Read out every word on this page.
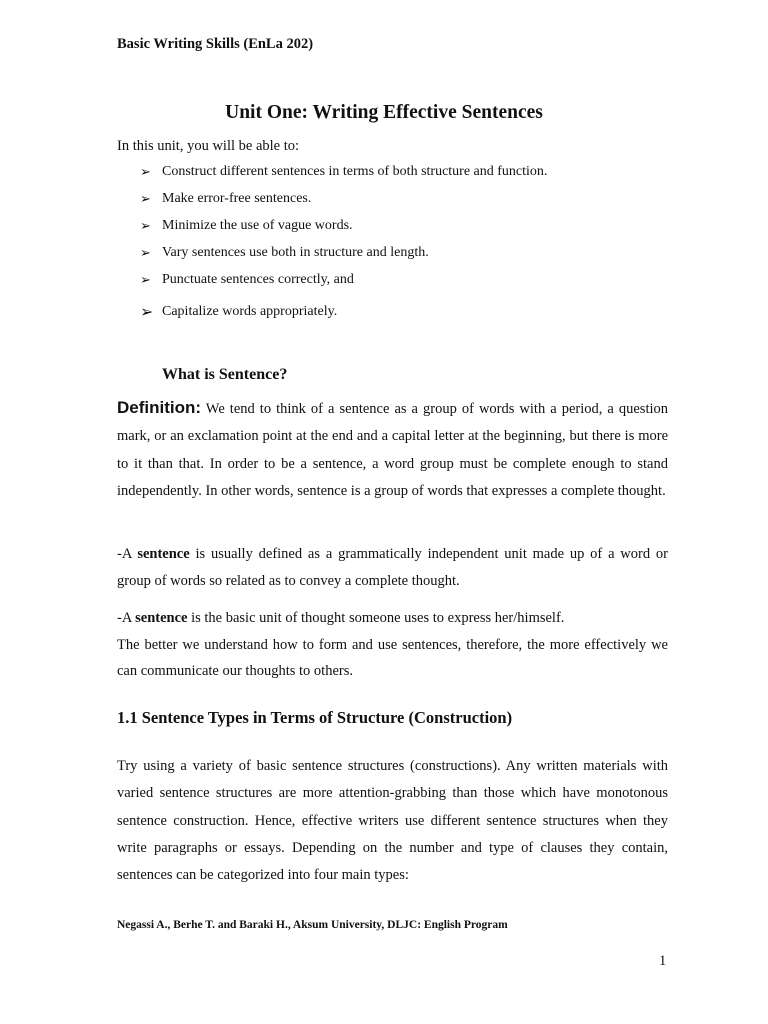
Basic Writing Skills (EnLa 202)
Unit One: Writing Effective Sentences
In this unit, you will be able to:
➢ Construct different sentences in terms of both structure and function.
➢ Make error-free sentences.
➢ Minimize the use of vague words.
➢ Vary sentences use both in structure and length.
➢ Punctuate sentences correctly, and
➢ Capitalize words appropriately.
What is Sentence?
Definition: We tend to think of a sentence as a group of words with a period, a question mark, or an exclamation point at the end and a capital letter at the beginning, but there is more to it than that. In order to be a sentence, a word group must be complete enough to stand independently. In other words, sentence is a group of words that expresses a complete thought.
-A sentence is usually defined as a grammatically independent unit made up of a word or group of words so related as to convey a complete thought.
-A sentence is the basic unit of thought someone uses to express her/himself.
The better we understand how to form and use sentences, therefore, the more effectively we can communicate our thoughts to others.
1.1 Sentence Types in Terms of Structure (Construction)
Try using a variety of basic sentence structures (constructions). Any written materials with varied sentence structures are more attention-grabbing than those which have monotonous sentence construction. Hence, effective writers use different sentence structures when they write paragraphs or essays. Depending on the number and type of clauses they contain, sentences can be categorized into four main types:
Negassi A., Berhe T. and Baraki H., Aksum University, DLJC: English Program
1
